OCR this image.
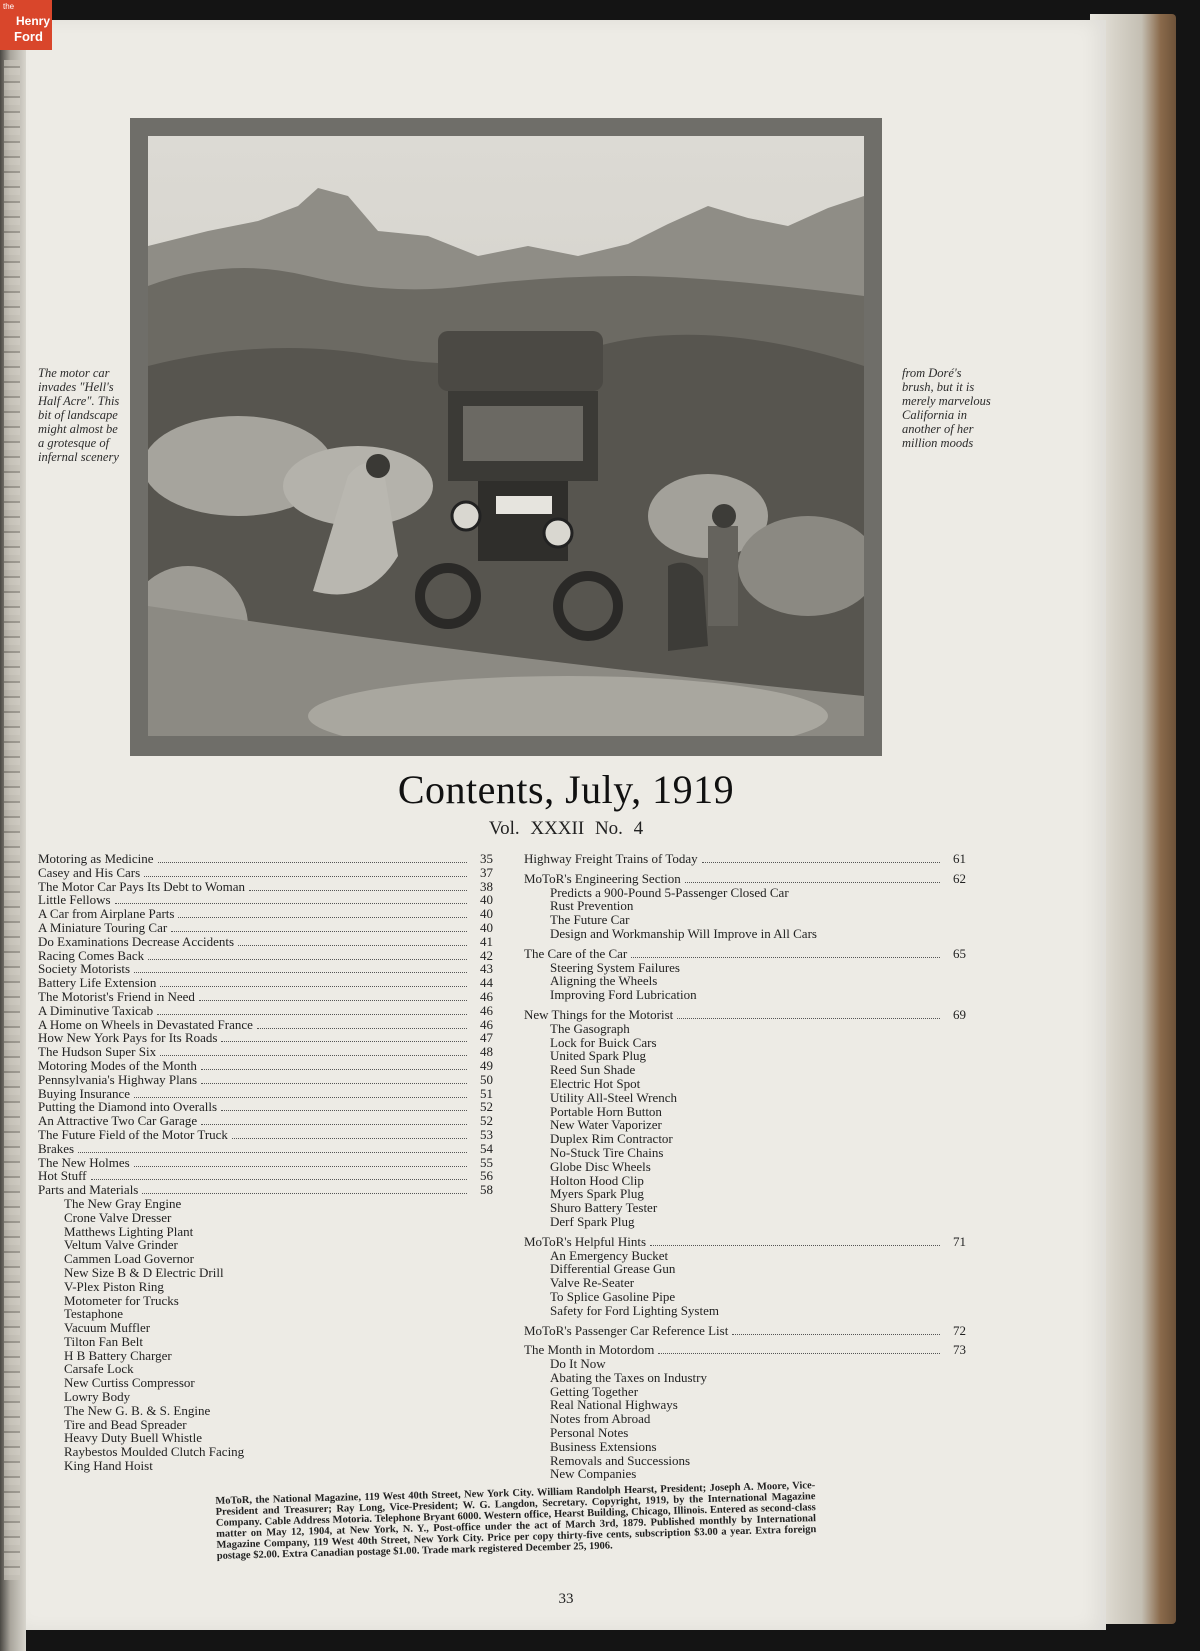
The motor car invades "Hell's Half Acre". This bit of landscape might almost be a grotesque of infernal scenery
from Doré's brush, but it is merely marvelous California in another of her million moods
Contents, July, 1919
Vol. XXXII No. 4
Motoring as Medicine	35
Casey and His Cars	37
The Motor Car Pays Its Debt to Woman	38
Little Fellows	40
A Car from Airplane Parts	40
A Miniature Touring Car	40
Do Examinations Decrease Accidents	41
Racing Comes Back	42
Society Motorists	43
Battery Life Extension	44
The Motorist's Friend in Need	46
A Diminutive Taxicab	46
A Home on Wheels in Devastated France	46
How New York Pays for Its Roads	47
The Hudson Super Six	48
Motoring Modes of the Month	49
Pennsylvania's Highway Plans	50
Buying Insurance	51
Putting the Diamond into Overalls	52
An Attractive Two Car Garage	52
The Future Field of the Motor Truck	53
Brakes	54
The New Holmes	55
Hot Stuff	56
Parts and Materials	58
The New Gray Engine
Crone Valve Dresser
Matthews Lighting Plant
Veltum Valve Grinder
Cammen Load Governor
New Size B & D Electric Drill
V-Plex Piston Ring
Motometer for Trucks
Testaphone
Vacuum Muffler
Tilton Fan Belt
H B Battery Charger
Carsafe Lock
New Curtiss Compressor
Lowry Body
The New G. B. & S. Engine
Tire and Bead Spreader
Heavy Duty Buell Whistle
Raybestos Moulded Clutch Facing
King Hand Hoist
Highway Freight Trains of Today	61
MoToR's Engineering Section	62
Predicts a 900-Pound 5-Passenger Closed Car
Rust Prevention
The Future Car
Design and Workmanship Will Improve in All Cars
The Care of the Car	65
Steering System Failures
Aligning the Wheels
Improving Ford Lubrication
New Things for the Motorist	69
The Gasograph
Lock for Buick Cars
United Spark Plug
Reed Sun Shade
Electric Hot Spot
Utility All-Steel Wrench
Portable Horn Button
New Water Vaporizer
Duplex Rim Contractor
No-Stuck Tire Chains
Globe Disc Wheels
Holton Hood Clip
Myers Spark Plug
Shuro Battery Tester
Derf Spark Plug
MoToR's Helpful Hints	71
An Emergency Bucket
Differential Grease Gun
Valve Re-Seater
To Splice Gasoline Pipe
Safety for Ford Lighting System
MoToR's Passenger Car Reference List	72
The Month in Motordom	73
Do It Now
Abating the Taxes on Industry
Getting Together
Real National Highways
Notes from Abroad
Personal Notes
Business Extensions
Removals and Successions
New Companies
MoToR, the National Magazine, 119 West 40th Street, New York City. William Randolph Hearst, President; Joseph A. Moore, Vice-President and Treasurer; Ray Long, Vice-President; W. G. Langdon, Secretary. Copyright, 1919, by the International Magazine Company. Cable Address Motoria. Telephone Bryant 6000. Western office, Hearst Building, Chicago, Illinois. Entered as second-class matter on May 12, 1904, at New York, N. Y., Post-office under the act of March 3rd, 1879. Published monthly by International Magazine Company, 119 West 40th Street, New York City. Price per copy thirty-five cents, subscription $3.00 a year. Extra foreign postage $2.00. Extra Canadian postage $1.00. Trade mark registered December 25, 1906.
33
the
Henry
Ford
